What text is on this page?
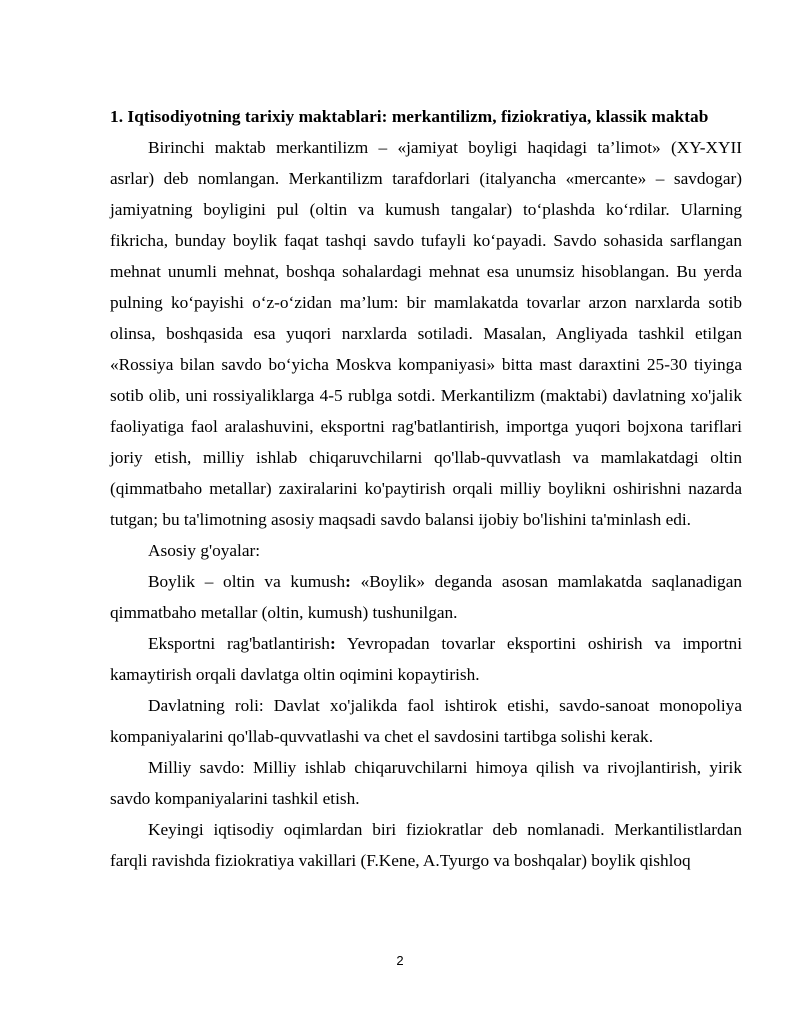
1. Iqtisodiyotning tarixiy maktablari: merkantilizm, fiziokratiya, klassik maktab

Birinchi maktab merkantilizm – «jamiyat boyligi haqidagi ta’limot» (XY-XYII asrlar) deb nomlangan. Merkantilizm tarafdorlari (italyancha «mercante» – savdogar) jamiyatning boyligini pul (oltin va kumush tangalar) to‘plashda ko‘rdilar. Ularning fikricha, bunday boylik faqat tashqi savdo tufayli ko‘payadi. Savdo sohasida sarflangan mehnat unumli mehnat, boshqa sohalardagi mehnat esa unumsiz hisoblangan. Bu yerda pulning ko‘payishi o‘z-o‘zidan ma’lum: bir mamlakatda tovarlar arzon narxlarda sotib olinsa, boshqasida esa yuqori narxlarda sotiladi. Masalan, Angliyada tashkil etilgan «Rossiya bilan savdo bo‘yicha Moskva kompaniyasi» bitta mast daraxtini 25-30 tiyinga sotib olib, uni rossiyaliklarga 4-5 rublga sotdi. Merkantilizm (maktabi) davlatning xo'jalik faoliyatiga faol aralashuvini, eksportni rag'batlantirish, importga yuqori bojxona tariflari joriy etish, milliy ishlab chiqaruvchilarni qo'llab-quvvatlash va mamlakatdagi oltin (qimmatbaho metallar) zaxiralarini ko'paytirish orqali milliy boylikni oshirishni nazarda tutgan; bu ta'limotning asosiy maqsadi savdo balansi ijobiy bo'lishini ta'minlash edi.

Asosiy g'oyalar:

Boylik – oltin va kumush: «Boylik» deganda asosan mamlakatda saqlanadigan qimmatbaho metallar (oltin, kumush) tushunilgan.

Eksportni rag'batlantirish: Yevropadan tovarlar eksportini oshirish va importni kamaytirish orqali davlatga oltin oqimini kopaytirish.

Davlatning roli: Davlat xo'jalikda faol ishtirok etishi, savdo-sanoat monopoliya kompaniyalarini qo'llab-quvvatlashi va chet el savdosini tartibga solishi kerak.

Milliy savdo: Milliy ishlab chiqaruvchilarni himoya qilish va rivojlantirish, yirik savdo kompaniyalarini tashkil etish.

Keyingi iqtisodiy oqimlardan biri fiziokratlar deb nomlanadi. Merkantilistlardan farqli ravishda fiziokratiya vakillari (F.Kene, A.Tyurgo va boshqalar) boylik qishloq

2
